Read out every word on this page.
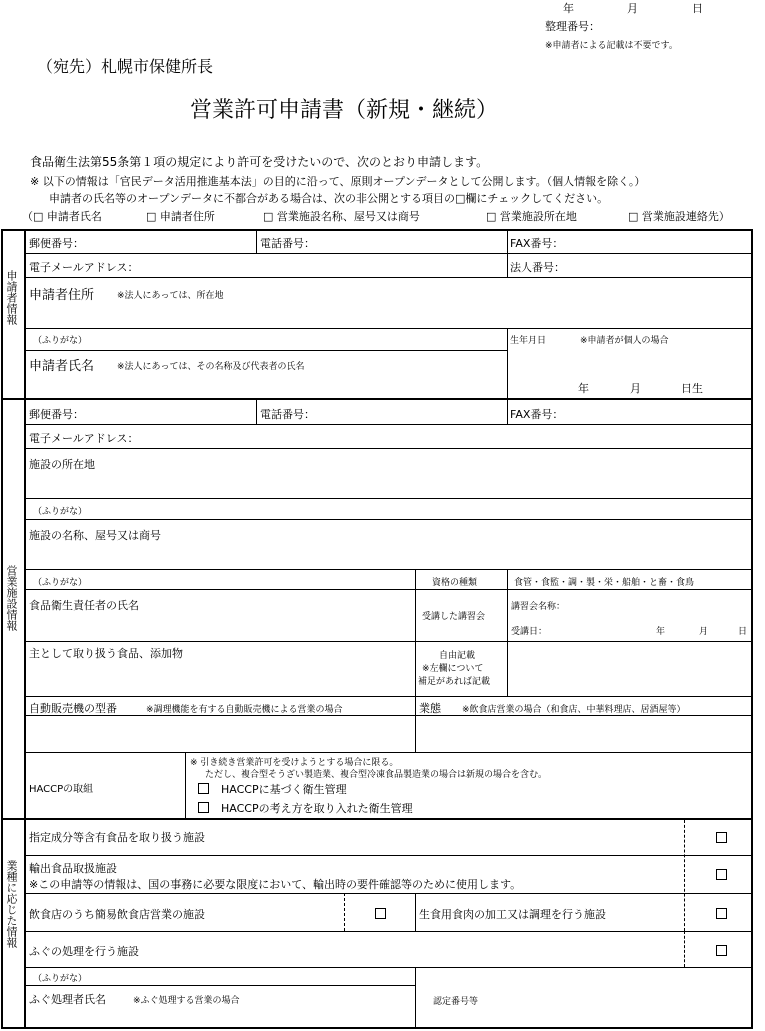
年	月	日
整理番号：
※申請者による記載は不要です。
（宛先）札幌市保健所長
営業許可申請書（新規・継続）
食品衛生法第55条第１項の規定により許可を受けたいので、次のとおり申請します。
※ 以下の情報は「官民データ活用推進基本法」の目的に沿って、原則オープンデータとして公開します。（個人情報を除く。）
申請者の氏名等のオープンデータに不都合がある場合は、次の非公開とする項目の□欄にチェックしてください。
（□ 申請者氏名	□ 申請者住所	□ 営業施設名称、屋号又は商号	□ 営業施設所在地	□ 営業施設連絡先）
申請者情報
営業施設情報
業種に応じた情報
郵便番号：	電話番号：	FAX番号：
電子メールアドレス：	法人番号：
申請者住所	※法人にあっては、所在地
（ふりがな）	生年月日	※申請者が個人の場合
申請者氏名	※法人にあっては、その名称及び代表者の氏名
年	月	日生
郵便番号：	電話番号：	FAX番号：
電子メールアドレス：
施設の所在地
（ふりがな）
施設の名称、屋号又は商号
（ふりがな）	資格の種類	食管・食監・調・製・栄・船舶・と畜・食鳥
食品衛生責任者の氏名
受講した講習会
講習会名称：
受講日：	年	月	日
主として取り扱う食品、添加物	自由記載
※左欄について
補足があれば記載
自動販売機の型番	※調理機能を有する自動販売機による営業の場合	業態 ※飲食店営業の場合（和食店、中華料理店、居酒屋等）
HACCPの取組
※ 引き続き営業許可を受けようとする場合に限る。
ただし、複合型そうざい製造業、複合型冷凍食品製造業の場合は新規の場合を含む。
HACCPに基づく衛生管理
HACCPの考え方を取り入れた衛生管理
指定成分等含有食品を取り扱う施設
輸出食品取扱施設
※この申請等の情報は、国の事務に必要な限度において、輸出時の要件確認等のために使用します。
飲食店のうち簡易飲食店営業の施設	生食用食肉の加工又は調理を行う施設
ふぐの処理を行う施設
（ふりがな）
ふぐ処理者氏名	※ふぐ処理する営業の場合	認定番号等
